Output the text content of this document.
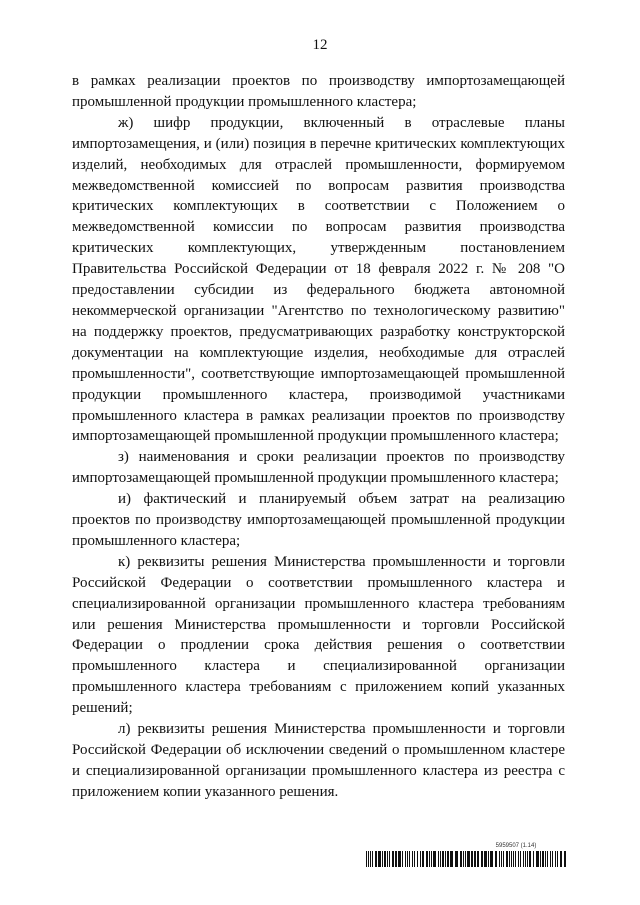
12

в рамках реализации проектов по производству импортозамещающей промышленной продукции промышленного кластера;

ж) шифр продукции, включенный в отраслевые планы импортозамещения, и (или) позиция в перечне критических комплектующих изделий, необходимых для отраслей промышленности, формируемом межведомственной комиссией по вопросам развития производства критических комплектующих в соответствии с Положением о межведомственной комиссии по вопросам развития производства критических комплектующих, утвержденным постановлением Правительства Российской Федерации от 18 февраля 2022 г. № 208 "О предоставлении субсидии из федерального бюджета автономной некоммерческой организации "Агентство по технологическому развитию" на поддержку проектов, предусматривающих разработку конструкторской документации на комплектующие изделия, необходимые для отраслей промышленности", соответствующие импортозамещающей промышленной продукции промышленного кластера, производимой участниками промышленного кластера в рамках реализации проектов по производству импортозамещающей промышленной продукции промышленного кластера;

з) наименования и сроки реализации проектов по производству импортозамещающей промышленной продукции промышленного кластера;

и) фактический и планируемый объем затрат на реализацию проектов по производству импортозамещающей промышленной продукции промышленного кластера;

к) реквизиты решения Министерства промышленности и торговли Российской Федерации о соответствии промышленного кластера и специализированной организации промышленного кластера требованиям или решения Министерства промышленности и торговли Российской Федерации о продлении срока действия решения о соответствии промышленного кластера и специализированной организации промышленного кластера требованиям с приложением копий указанных решений;

л) реквизиты решения Министерства промышленности и торговли Российской Федерации об исключении сведений о промышленном кластере и специализированной организации промышленного кластера из реестра с приложением копии указанного решения.

5959507 (1.14)
